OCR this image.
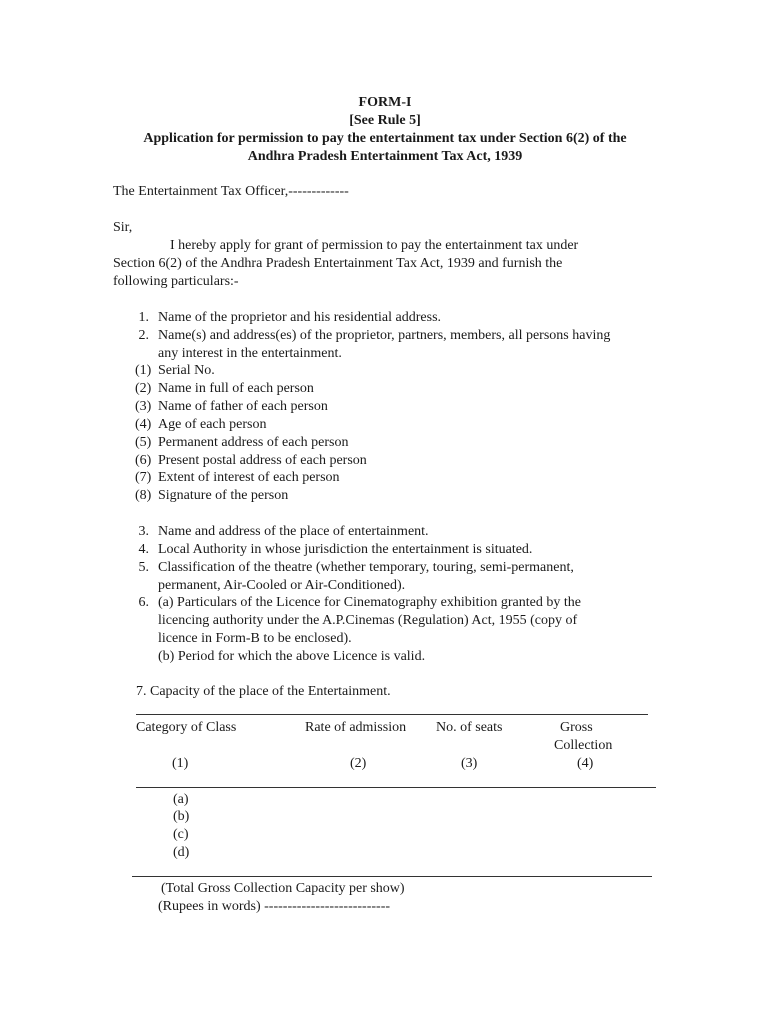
FORM-I
[See Rule 5]
Application for permission to pay the entertainment tax under Section 6(2) of the
Andhra Pradesh Entertainment Tax Act, 1939
The Entertainment Tax Officer,-------------
Sir,
I hereby apply for grant of permission to pay the entertainment tax under
Section 6(2) of the Andhra Pradesh Entertainment Tax Act, 1939 and furnish the
following particulars:-
1. Name of the proprietor and his residential address.
2. Name(s) and address(es) of the proprietor, partners, members, all persons having
any interest in the entertainment.
(1) Serial No.
(2) Name in full of each person
(3) Name of father of each person
(4) Age of each person
(5) Permanent address of each person
(6) Present postal address of each person
(7) Extent of interest of each person
(8) Signature of the person
3. Name and address of the place of entertainment.
4. Local Authority in whose jurisdiction the entertainment is situated.
5. Classification of the theatre (whether temporary, touring, semi-permanent,
permanent, Air-Cooled or Air-Conditioned).
6. (a) Particulars of the Licence for Cinematography exhibition granted by the
licencing authority under the A.P.Cinemas (Regulation) Act, 1955 (copy of
licence in Form-B to be enclosed).
(b) Period for which the above Licence is valid.
7. Capacity of the place of the Entertainment.
Category of Class	Rate of admission No. of seats	Gross
Collection
(1)	(2)	(3)	(4)
(a)
(b)
(c)
(d)
(Total Gross Collection Capacity per show)
(Rupees in words) ---------------------------
